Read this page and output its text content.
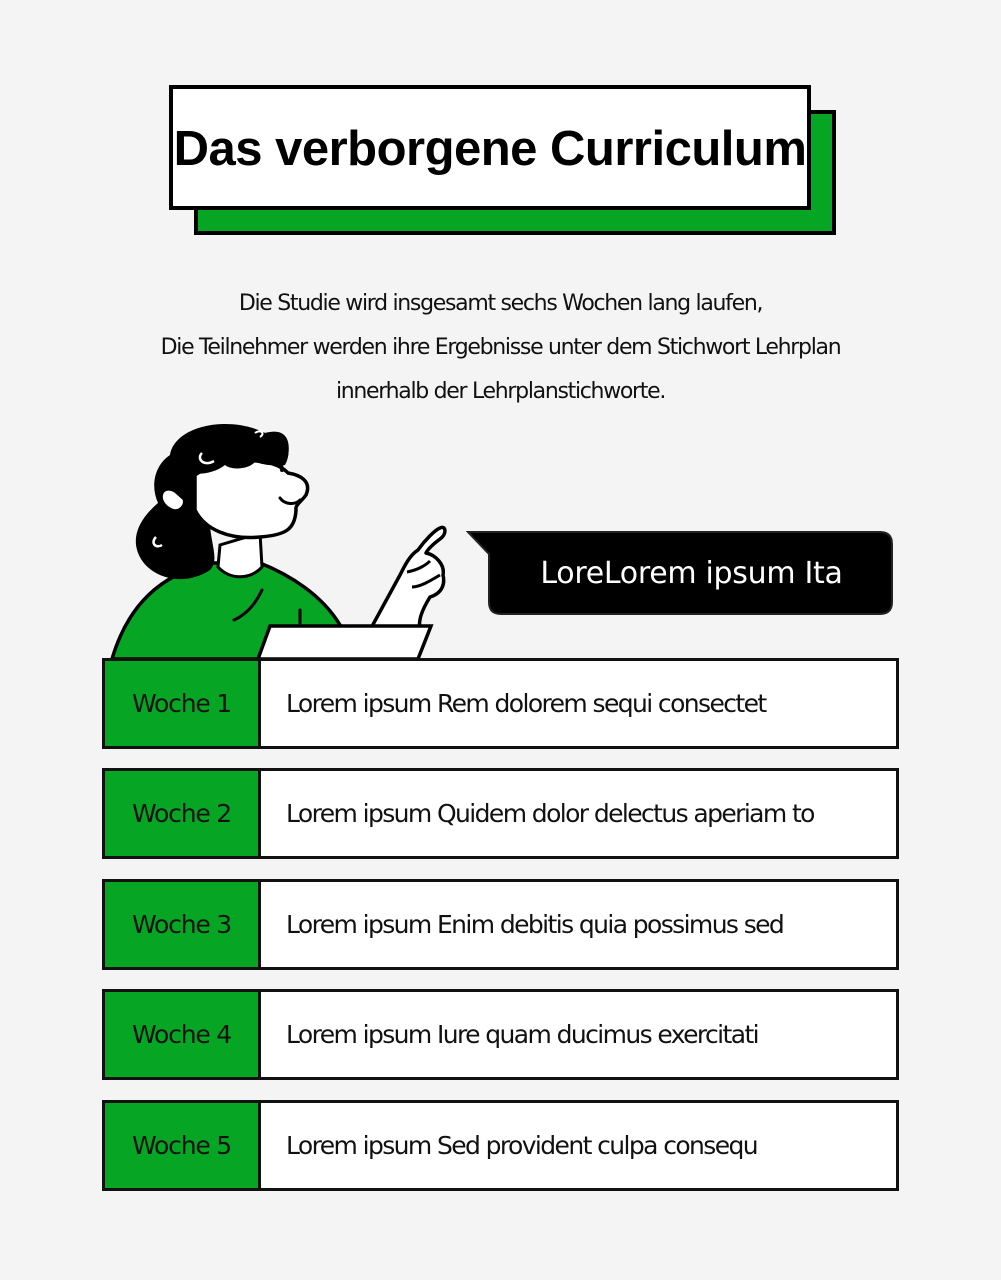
Das verborgene Curriculum
Die Studie wird insgesamt sechs Wochen lang laufen,
Die Teilnehmer werden ihre Ergebnisse unter dem Stichwort Lehrplan
innerhalb der Lehrplanstichworte.
LoreLorem ipsum Ita
Woche 1	Lorem ipsum Rem dolorem sequi consectet
Woche 2	Lorem ipsum Quidem dolor delectus aperiam to
Woche 3	Lorem ipsum Enim debitis quia possimus sed
Woche 4	Lorem ipsum Iure quam ducimus exercitati
Woche 5	Lorem ipsum Sed provident culpa consequ
